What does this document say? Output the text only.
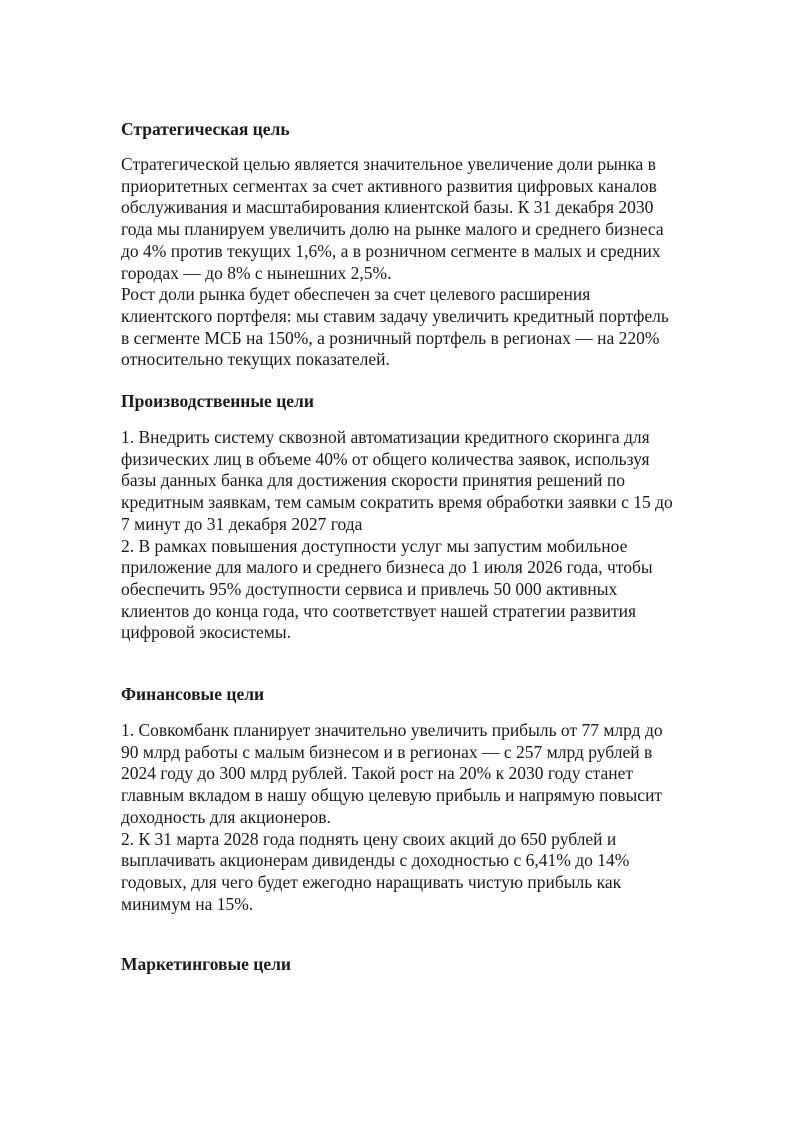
Стратегическая цель

Стратегической целью является значительное увеличение доли рынка в приоритетных сегментах за счет активного развития цифровых каналов обслуживания и масштабирования клиентской базы. К 31 декабря 2030 года мы планируем увеличить долю на рынке малого и среднего бизнеса до 4% против текущих 1,6%, а в розничном сегменте в малых и средних городах — до 8% с нынешних 2,5%.

Рост доли рынка будет обеспечен за счет целевого расширения клиентского портфеля: мы ставим задачу увеличить кредитный портфель в сегменте МСБ на 150%, а розничный портфель в регионах — на 220% относительно текущих показателей.

Производственные цели

1. Внедрить систему сквозной автоматизации кредитного скоринга для физических лиц в объеме 40% от общего количества заявок, используя базы данных банка для достижения скорости принятия решений по кредитным заявкам, тем самым сократить время обработки заявки с 15 до 7 минут до 31 декабря 2027 года

2. В рамках повышения доступности услуг мы запустим мобильное приложение для малого и среднего бизнеса до 1 июля 2026 года, чтобы обеспечить 95% доступности сервиса и привлечь 50 000 активных клиентов до конца года, что соответствует нашей стратегии развития цифровой экосистемы.

Финансовые цели

1. Совкомбанк планирует значительно увеличить прибыль от 77 млрд до 90 млрд работы с малым бизнесом и в регионах — с 257 млрд рублей в 2024 году до 300 млрд рублей. Такой рост на 20% к 2030 году станет главным вкладом в нашу общую целевую прибыль и напрямую повысит доходность для акционеров.

2. К 31 марта 2028 года поднять цену своих акций до 650 рублей и выплачивать акционерам дивиденды с доходностью с 6,41% до 14% годовых, для чего будет ежегодно наращивать чистую прибыль как минимум на 15%.

Маркетинговые цели
